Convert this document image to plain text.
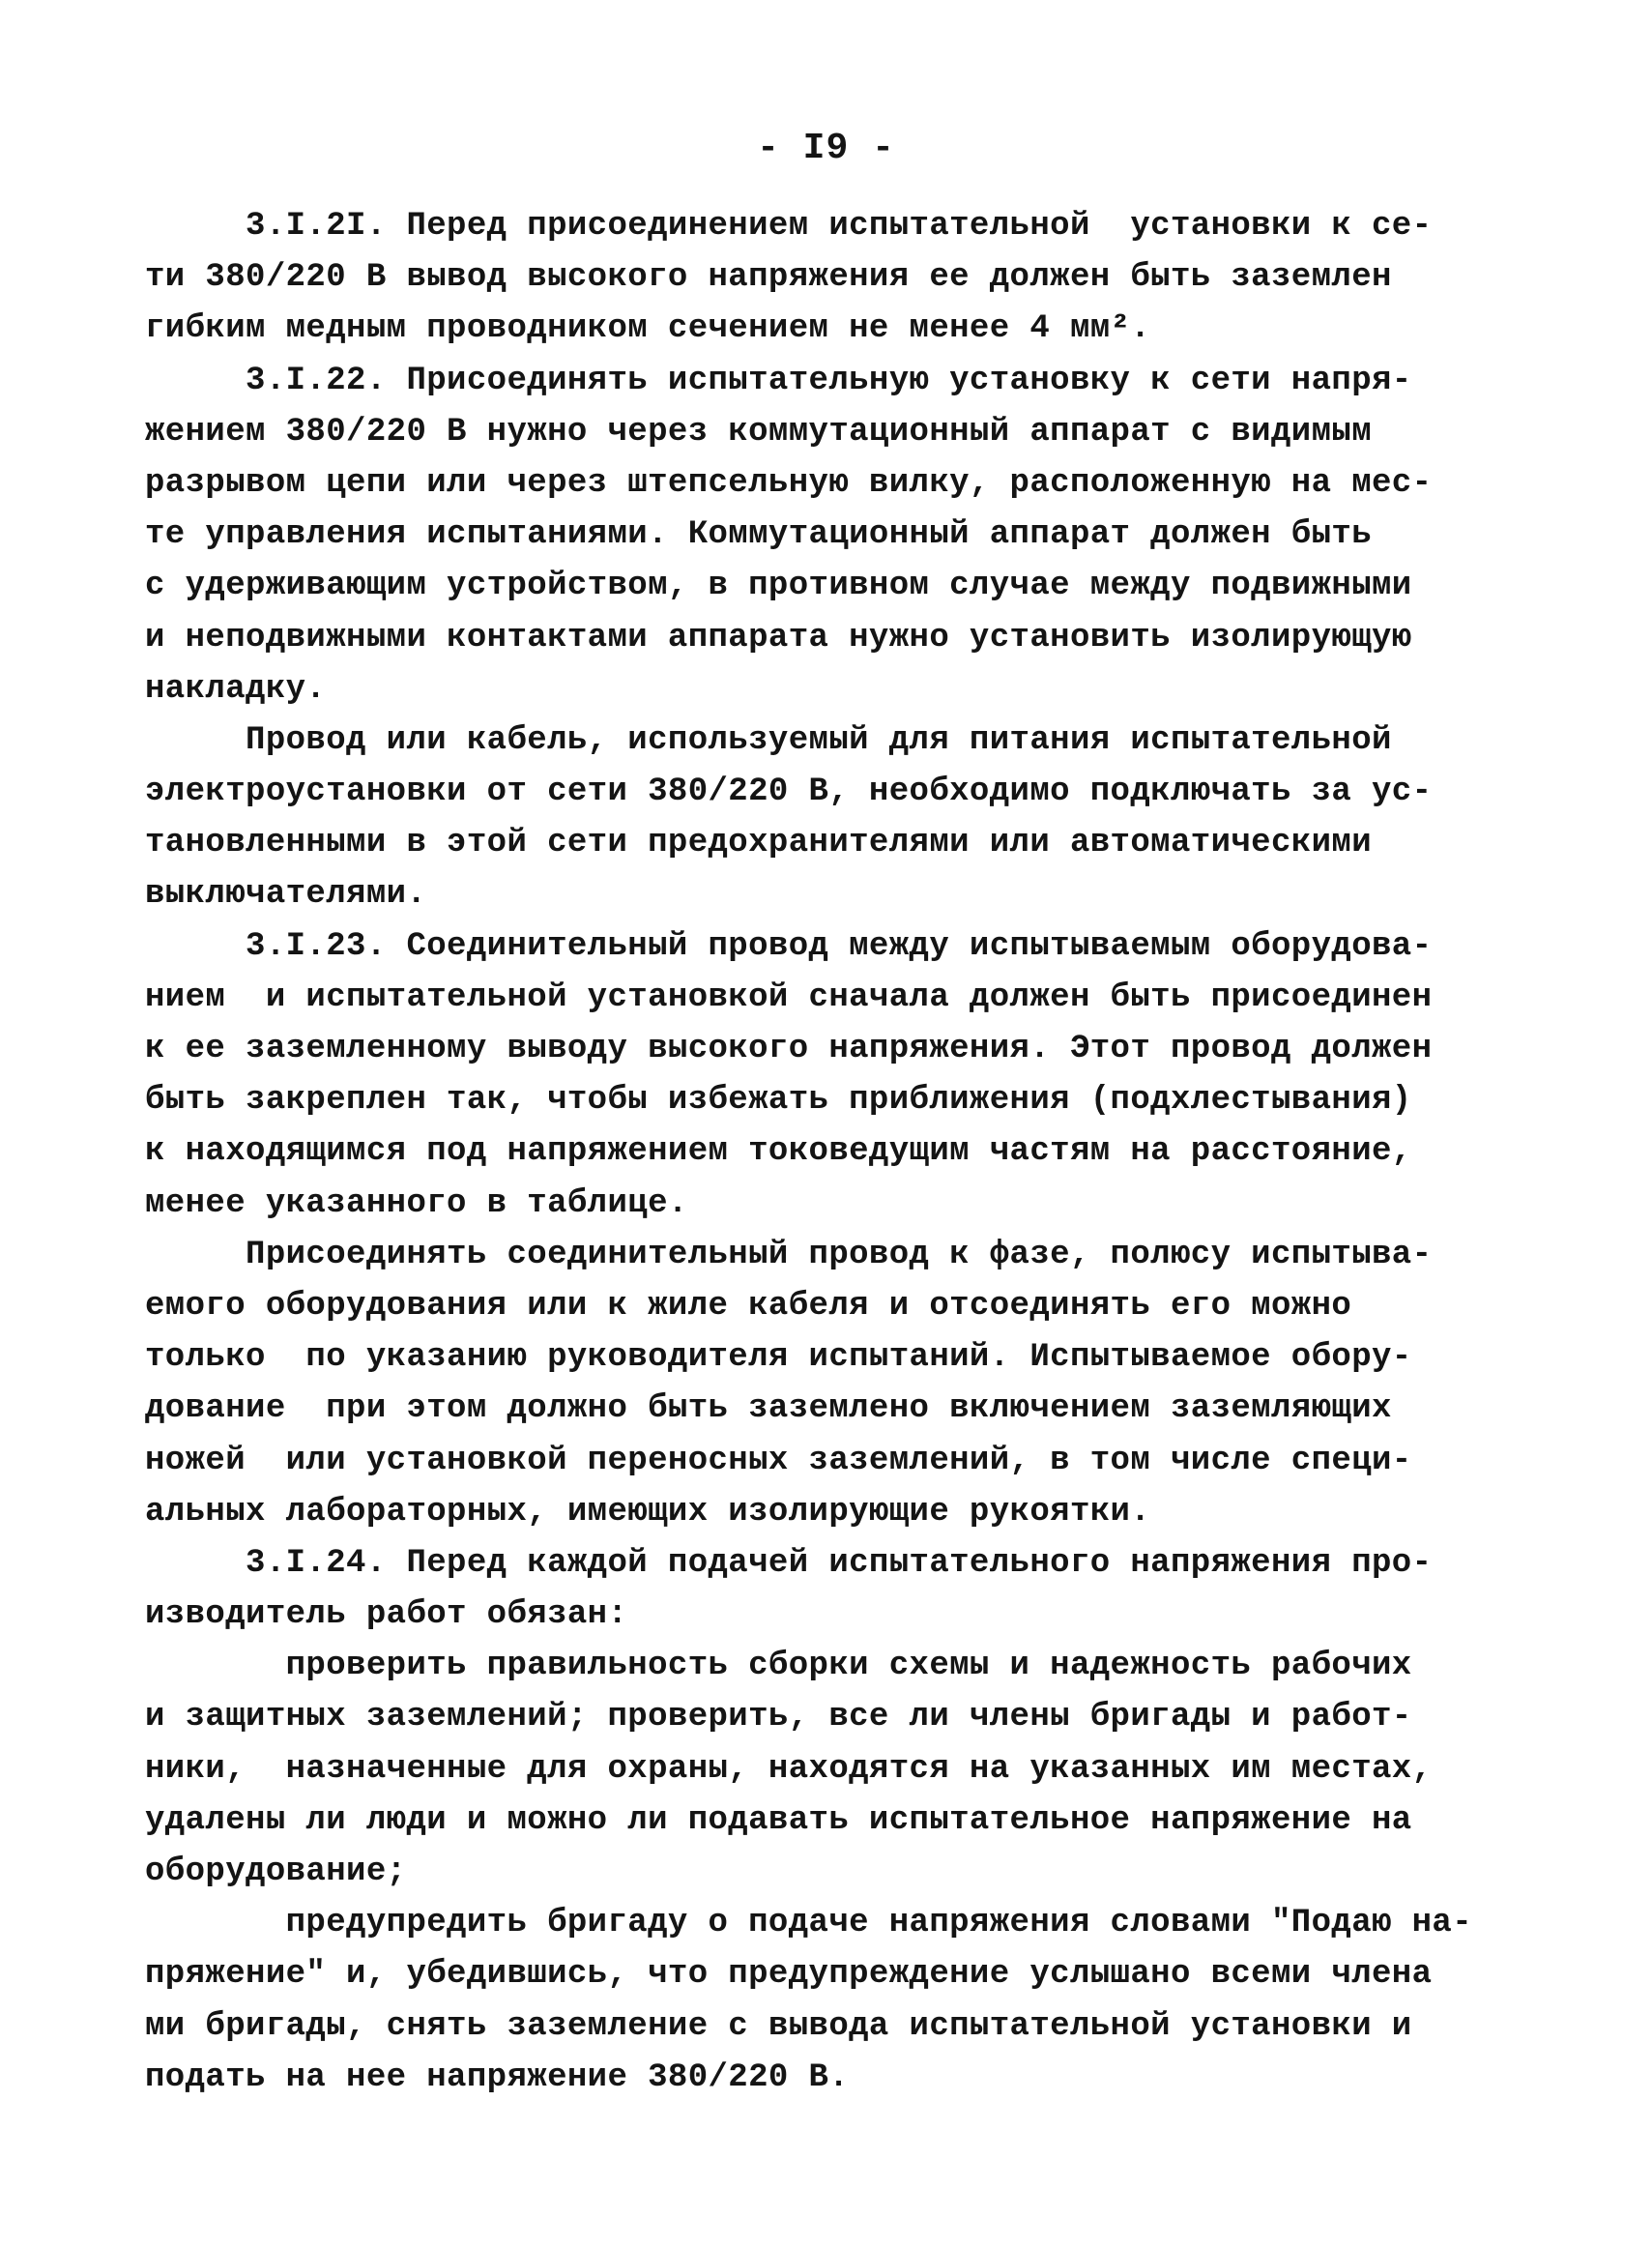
- I9 -
3.I.2I. Перед присоединением испытательной  установки к се-
ти 380/220 В вывод высокого напряжения ее должен быть заземлен
гибким медным проводником сечением не менее 4 мм².
3.I.22. Присоединять испытательную установку к сети напря-
жением 380/220 В нужно через коммутационный аппарат с видимым
разрывом цепи или через штепсельную вилку, расположенную на мес-
те управления испытаниями. Коммутационный аппарат должен быть
с удерживающим устройством, в противном случае между подвижными
и неподвижными контактами аппарата нужно установить изолирующую
накладку.
Провод или кабель, используемый для питания испытательной
электроустановки от сети 380/220 В, необходимо подключать за ус-
тановленными в этой сети предохранителями или автоматическими
выключателями.
3.I.23. Соединительный провод между испытываемым оборудова-
нием  и испытательной установкой сначала должен быть присоединен
к ее заземленному выводу высокого напряжения. Этот провод должен
быть закреплен так, чтобы избежать приближения (подхлестывания)
к находящимся под напряжением токоведущим частям на расстояние,
менее указанного в таблице.
Присоединять соединительный провод к фазе, полюсу испытыва-
емого оборудования или к жиле кабеля и отсоединять его можно
только  по указанию руководителя испытаний. Испытываемое обору-
дование  при этом должно быть заземлено включением заземляющих
ножей  или установкой переносных заземлений, в том числе специ-
альных лабораторных, имеющих изолирующие рукоятки.
3.I.24. Перед каждой подачей испытательного напряжения про-
изводитель работ обязан:
проверить правильность сборки схемы и надежность рабочих
и защитных заземлений; проверить, все ли члены бригады и работ-
ники,  назначенные для охраны, находятся на указанных им местах,
удалены ли люди и можно ли подавать испытательное напряжение на
оборудование;
предупредить бригаду о подаче напряжения словами "Подаю на-
пряжение" и, убедившись, что предупреждение услышано всеми члена
ми бригады, снять заземление с вывода испытательной установки и
подать на нее напряжение 380/220 В.
